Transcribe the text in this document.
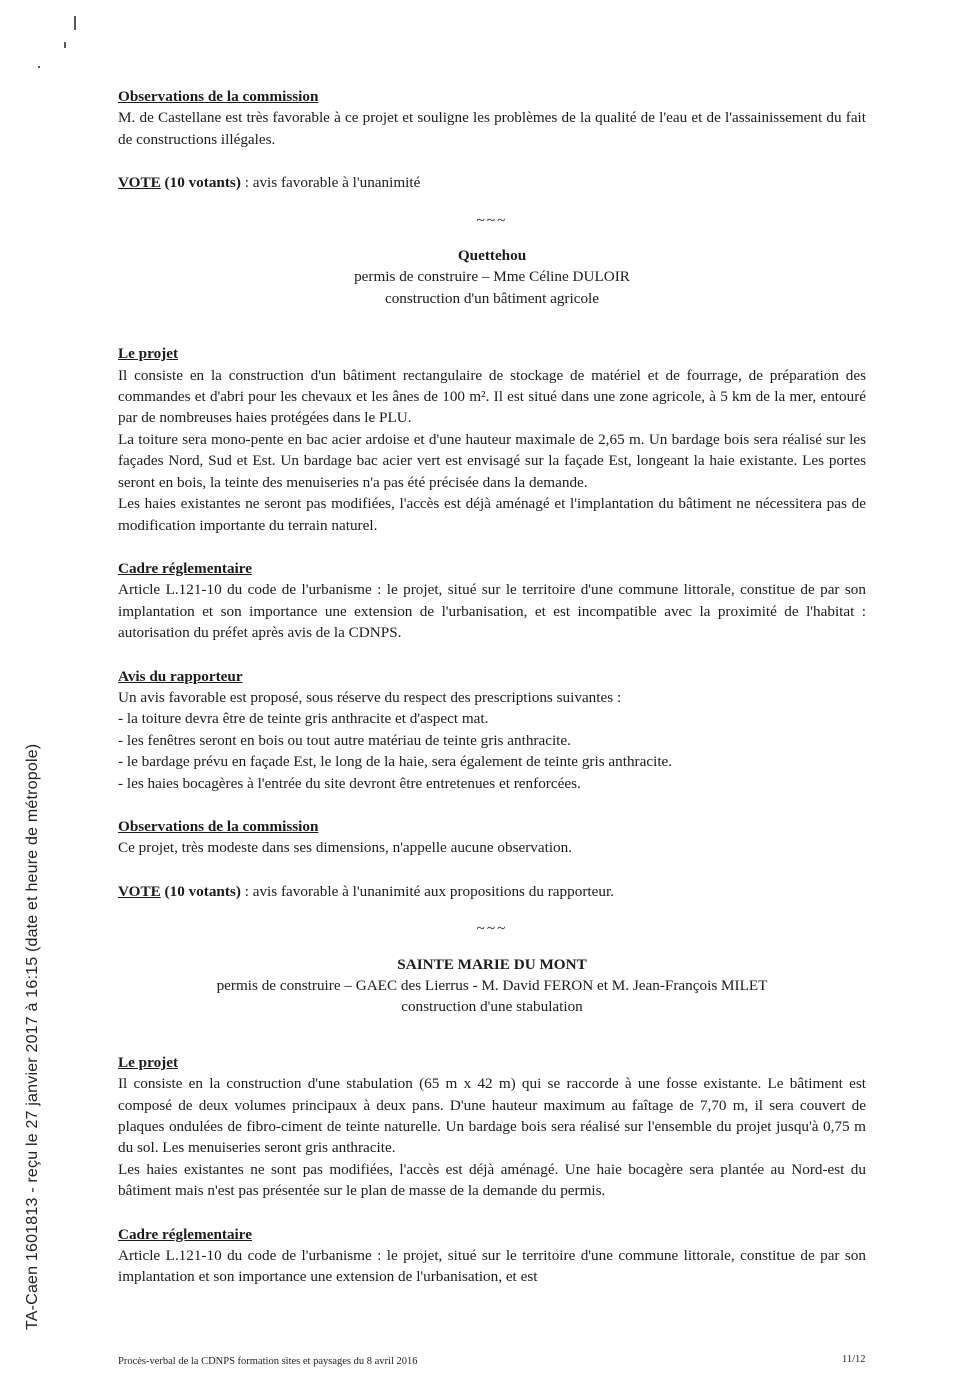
Observations de la commission

M. de Castellane est très favorable à ce projet et souligne les problèmes de la qualité de l'eau et de l'assainissement du fait de constructions illégales.

VOTE (10 votants) : avis favorable à l'unanimité

~~~

Quettehou

permis de construire – Mme Céline DULOIR

construction d'un bâtiment agricole

Le projet

Il consiste en la construction d'un bâtiment rectangulaire de stockage de matériel et de fourrage, de préparation des commandes et d'abri pour les chevaux et les ânes de 100 m². Il est situé dans une zone agricole, à 5 km de la mer, entouré par de nombreuses haies protégées dans le PLU.

La toiture sera mono-pente en bac acier ardoise et d'une hauteur maximale de 2,65 m. Un bardage bois sera réalisé sur les façades Nord, Sud et Est. Un bardage bac acier vert est envisagé sur la façade Est, longeant la haie existante. Les portes seront en bois, la teinte des menuiseries n'a pas été précisée dans la demande.

Les haies existantes ne seront pas modifiées, l'accès est déjà aménagé et l'implantation du bâtiment ne nécessitera pas de modification importante du terrain naturel.

Cadre réglementaire

Article L.121-10 du code de l'urbanisme : le projet, situé sur le territoire d'une commune littorale, constitue de par son implantation et son importance une extension de l'urbanisation, et est incompatible avec la proximité de l'habitat : autorisation du préfet après avis de la CDNPS.

Avis du rapporteur

Un avis favorable est proposé, sous réserve du respect des prescriptions suivantes :

- la toiture devra être de teinte gris anthracite et d'aspect mat.
- les fenêtres seront en bois ou tout autre matériau de teinte gris anthracite.
- le bardage prévu en façade Est, le long de la haie, sera également de teinte gris anthracite.
- les haies bocagères à l'entrée du site devront être entretenues et renforcées.

Observations de la commission

Ce projet, très modeste dans ses dimensions, n'appelle aucune observation.

VOTE (10 votants) : avis favorable à l'unanimité aux propositions du rapporteur.

~~~

SAINTE MARIE DU MONT

permis de construire – GAEC des Lierrus - M. David FERON et M. Jean-François MILET

construction d'une stabulation

Le projet

Il consiste en la construction d'une stabulation (65 m x 42 m) qui se raccorde à une fosse existante. Le bâtiment est composé de deux volumes principaux à deux pans. D'une hauteur maximum au faîtage de 7,70 m, il sera couvert de plaques ondulées de fibro-ciment de teinte naturelle. Un bardage bois sera réalisé sur l'ensemble du projet jusqu'à 0,75 m du sol. Les menuiseries seront gris anthracite.

Les haies existantes ne sont pas modifiées, l'accès est déjà aménagé. Une haie bocagère sera plantée au Nord-est du bâtiment mais n'est pas présentée sur le plan de masse de la demande du permis.

Cadre réglementaire

Article L.121-10 du code de l'urbanisme : le projet, situé sur le territoire d'une commune littorale, constitue de par son implantation et son importance une extension de l'urbanisation, et est

TA-Caen 1601813 - reçu le 27 janvier 2017 à 16:15 (date et heure de métropole)
Procès-verbal de la CDNPS formation sites et paysages du 8 avril 2016	11/12
